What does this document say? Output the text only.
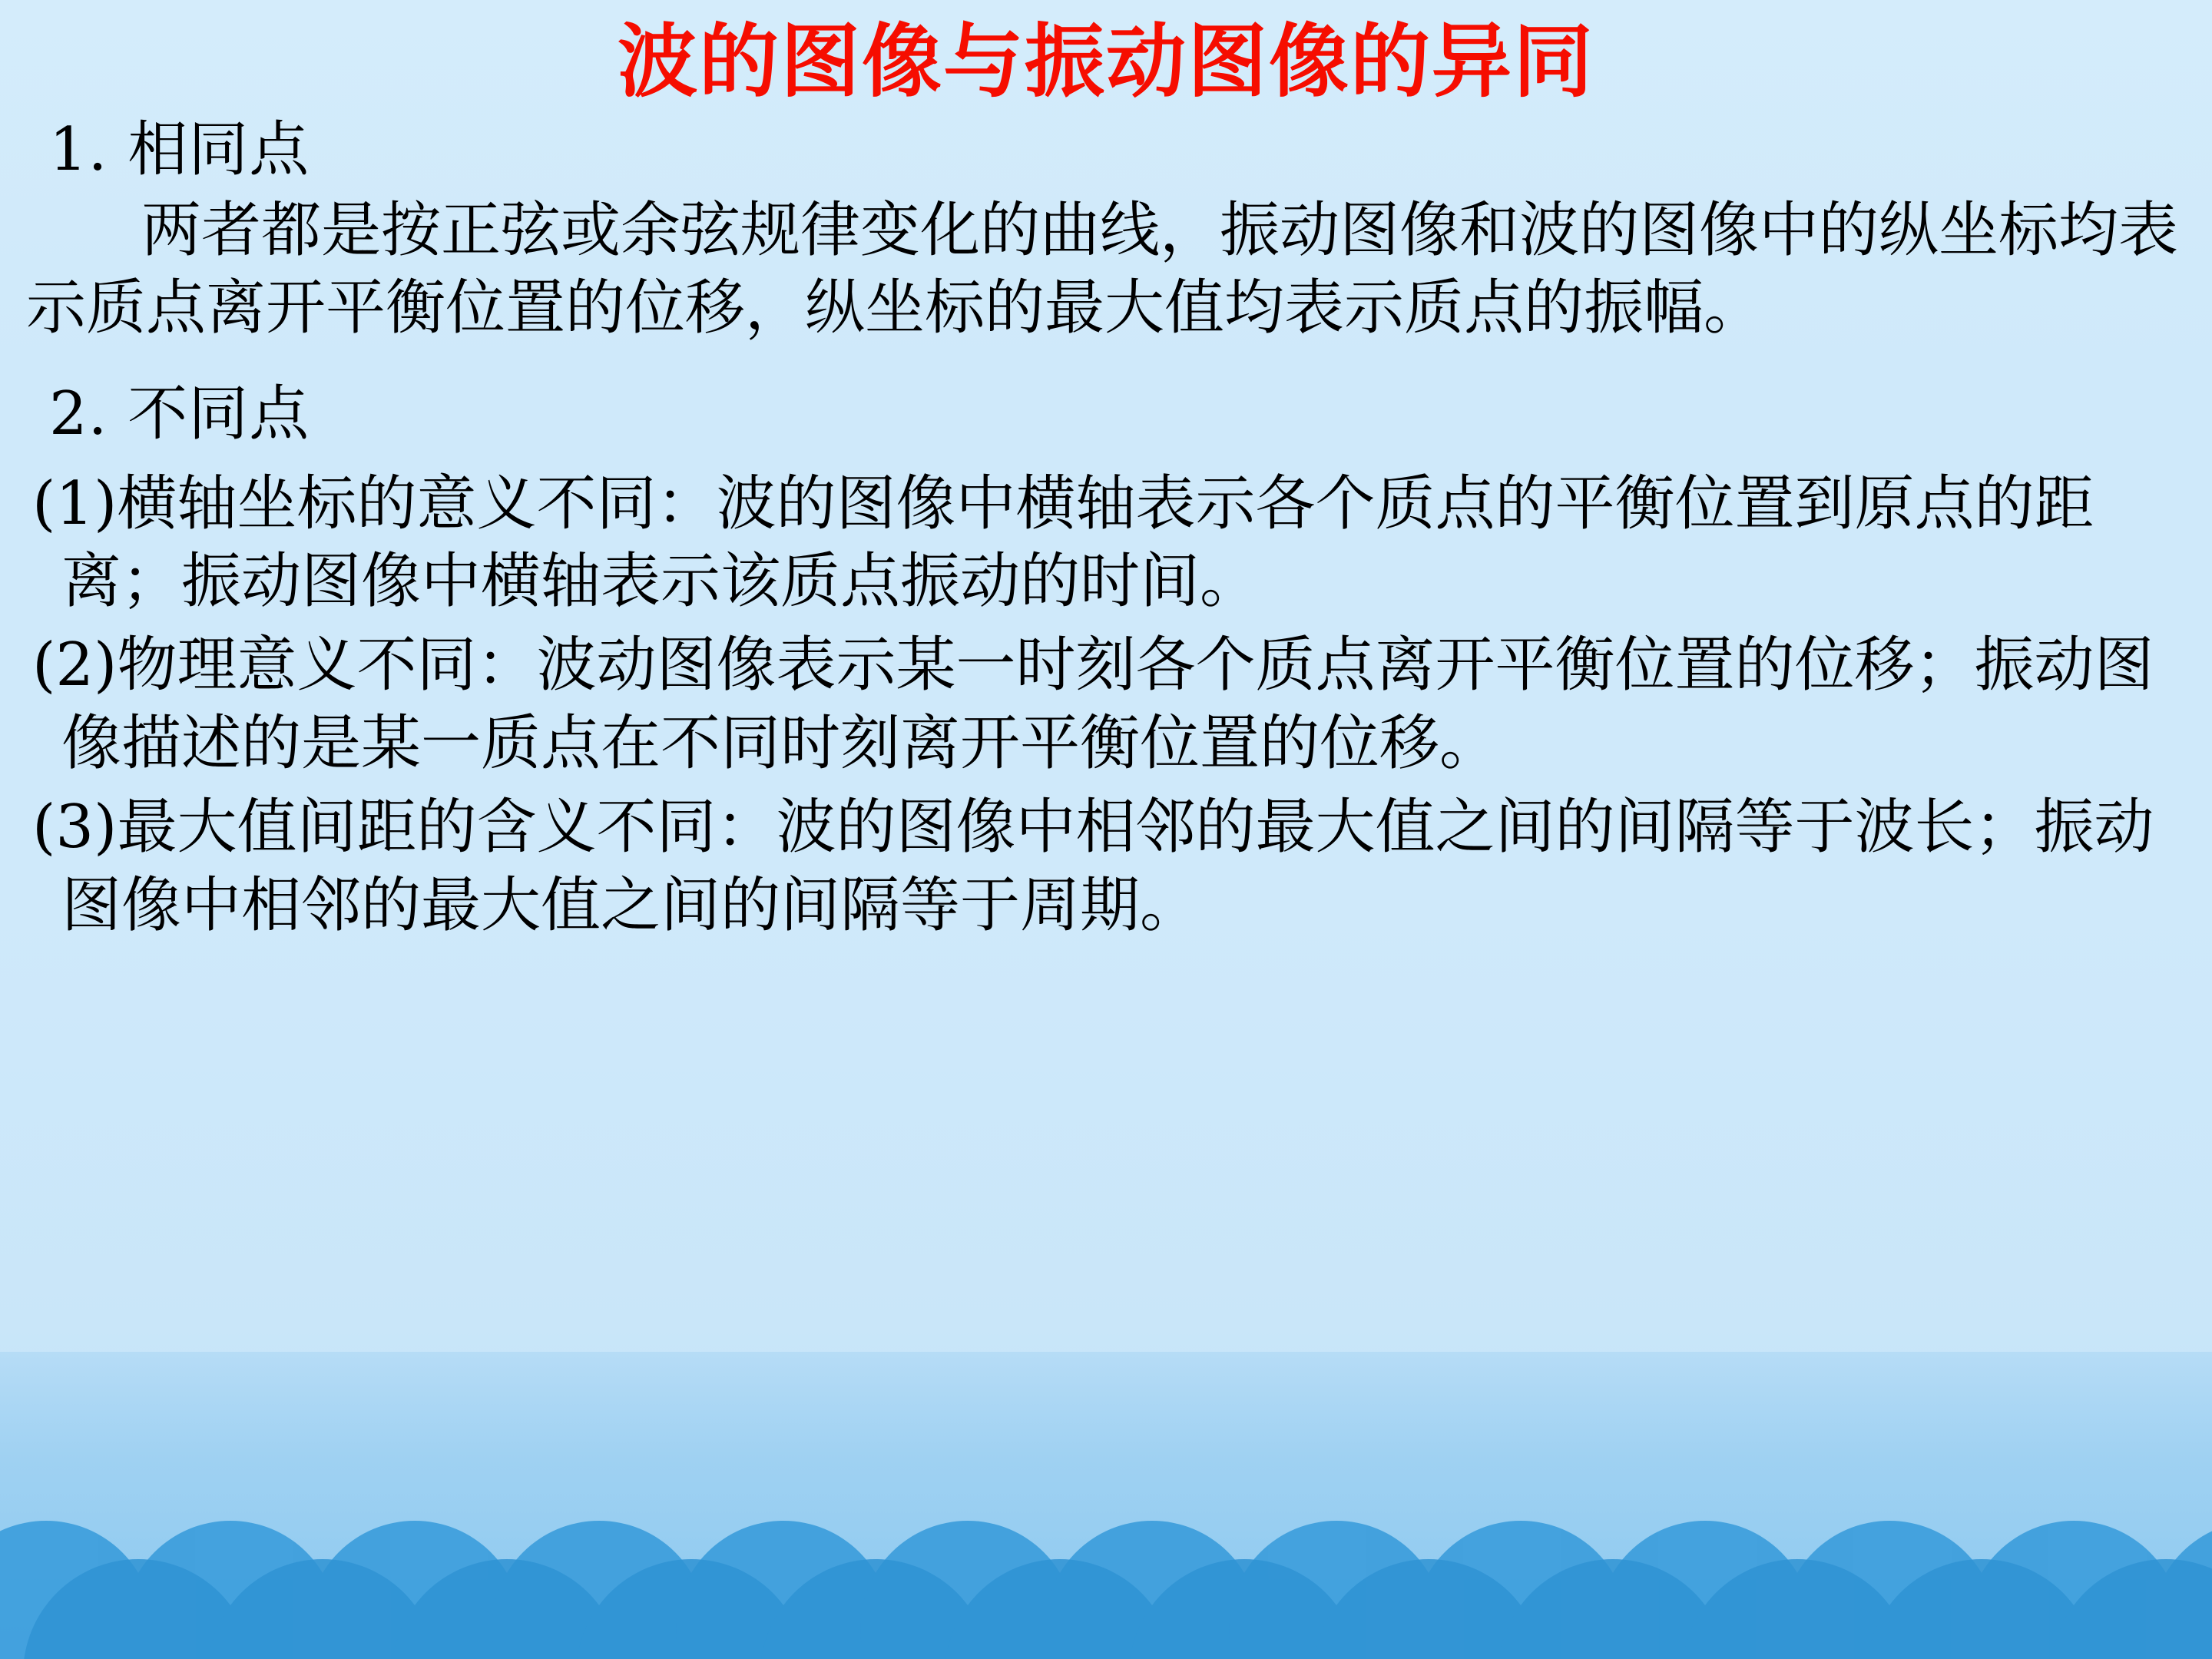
波的图像与振动图像的异同
1. 相同点
两者都是按正弦或余弦规律变化的曲线，振动图像和波的图像中的纵坐标均表示质点离开平衡位置的位移，纵坐标的最大值均表示质点的振幅。
2. 不同点
(1)横轴坐标的意义不同：波的图像中横轴表示各个质点的平衡位置到原点的距离；振动图像中横轴表示该质点振动的时间。
(2)物理意义不同：波动图像表示某一时刻各个质点离开平衡位置的位移；振动图像描述的是某一质点在不同时刻离开平衡位置的位移。
(3)最大值间距的含义不同：波的图像中相邻的最大值之间的间隔等于波长；振动图像中相邻的最大值之间的间隔等于周期。
